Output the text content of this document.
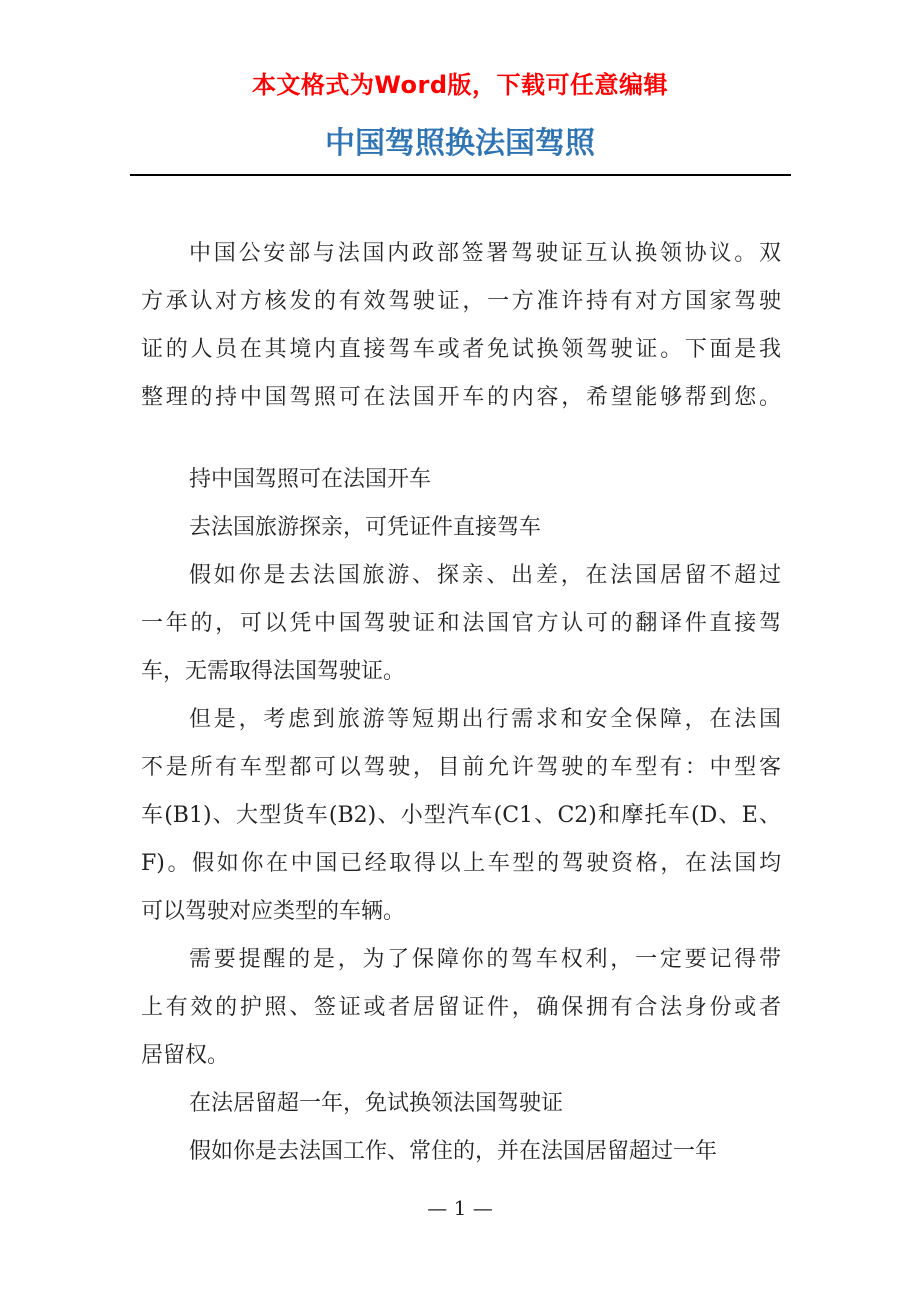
本文格式为Word版，下载可任意编辑
中国驾照换法国驾照
中国公安部与法国内政部签署驾驶证互认换领协议。双
方承认对方核发的有效驾驶证，一方准许持有对方国家驾驶
证的人员在其境内直接驾车或者免试换领驾驶证。下面是我
整理的持中国驾照可在法国开车的内容，希望能够帮到您。
持中国驾照可在法国开车
去法国旅游探亲，可凭证件直接驾车
假如你是去法国旅游、探亲、出差，在法国居留不超过
一年的，可以凭中国驾驶证和法国官方认可的翻译件直接驾
车，无需取得法国驾驶证。
但是，考虑到旅游等短期出行需求和安全保障，在法国
不是所有车型都可以驾驶，目前允许驾驶的车型有：中型客
车(B1)、大型货车(B2)、小型汽车(C1、C2)和摩托车(D、E、
F)。假如你在中国已经取得以上车型的驾驶资格，在法国均
可以驾驶对应类型的车辆。
需要提醒的是，为了保障你的驾车权利，一定要记得带
上有效的护照、签证或者居留证件，确保拥有合法身份或者
居留权。
在法居留超一年，免试换领法国驾驶证
假如你是去法国工作、常住的，并在法国居留超过一年
— 1 —
